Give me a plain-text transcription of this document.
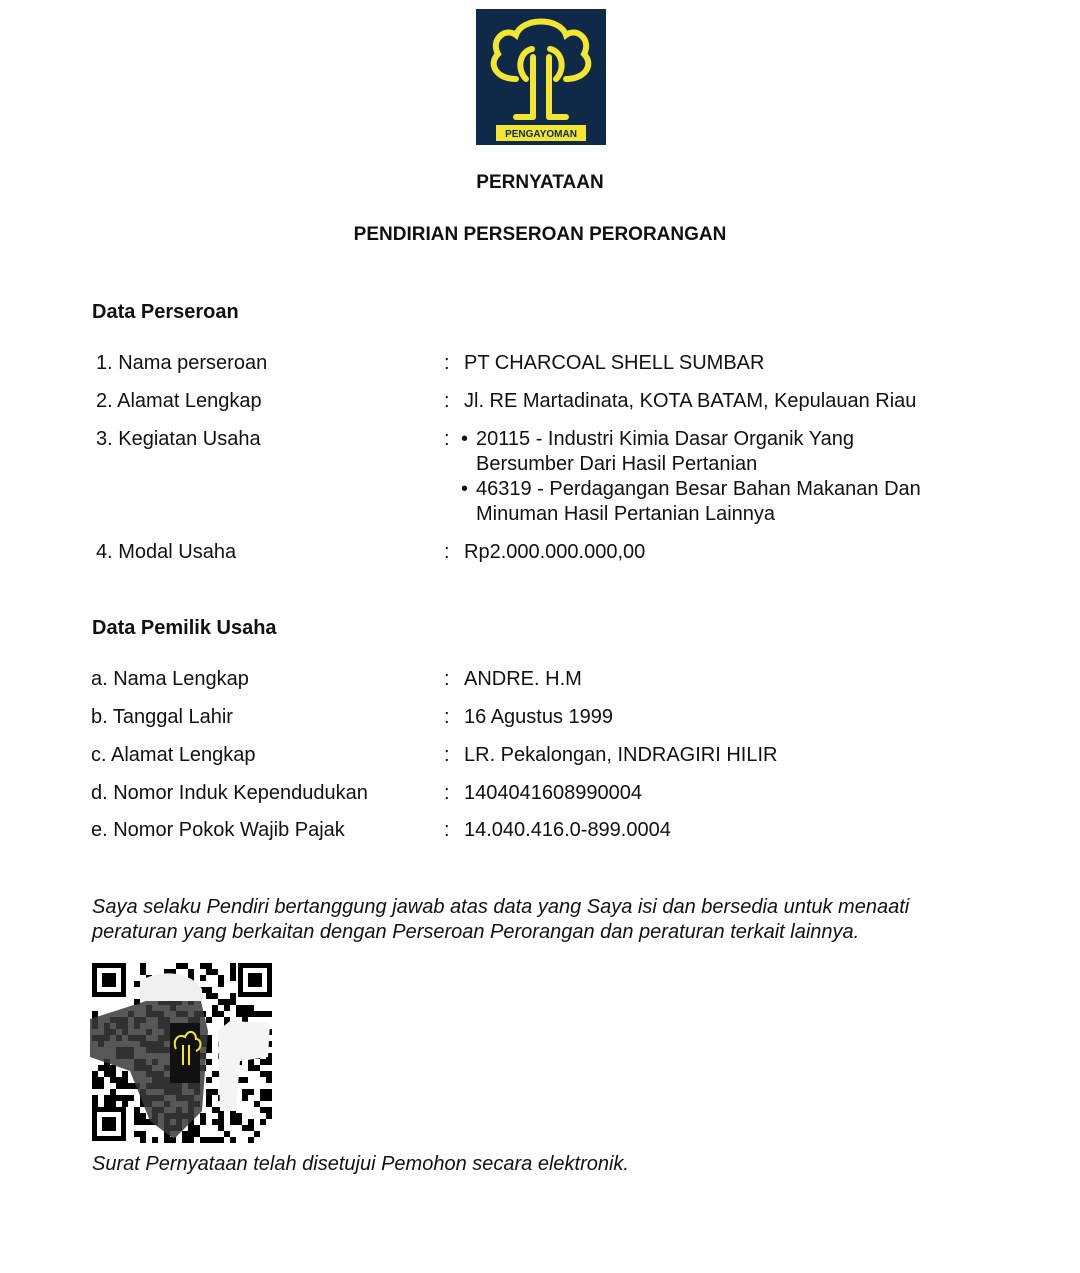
PENGAYOMAN
PERNYATAAN
PENDIRIAN PERSEROAN PERORANGAN
Data Perseroan
1. Nama perseroan	: PT CHARCOAL SHELL SUMBAR
2. Alamat Lengkap	: Jl. RE Martadinata, KOTA BATAM, Kepulauan Riau
3. Kegiatan Usaha	:
• 20115 - Industri Kimia Dasar Organik Yang
Bersumber Dari Hasil Pertanian
• 46319 - Perdagangan Besar Bahan Makanan Dan
Minuman Hasil Pertanian Lainnya
4. Modal Usaha	: Rp2.000.000.000,00
Data Pemilik Usaha
a. Nama Lengkap	: ANDRE. H.M
b. Tanggal Lahir	: 16 Agustus 1999
c. Alamat Lengkap	: LR. Pekalongan, INDRAGIRI HILIR
d. Nomor Induk Kependudukan	: 1404041608990004
e. Nomor Pokok Wajib Pajak	: 14.040.416.0-899.0004
Saya selaku Pendiri bertanggung jawab atas data yang Saya isi dan bersedia untuk menaati
peraturan yang berkaitan dengan Perseroan Perorangan dan peraturan terkait lainnya.
Surat Pernyataan telah disetujui Pemohon secara elektronik.
